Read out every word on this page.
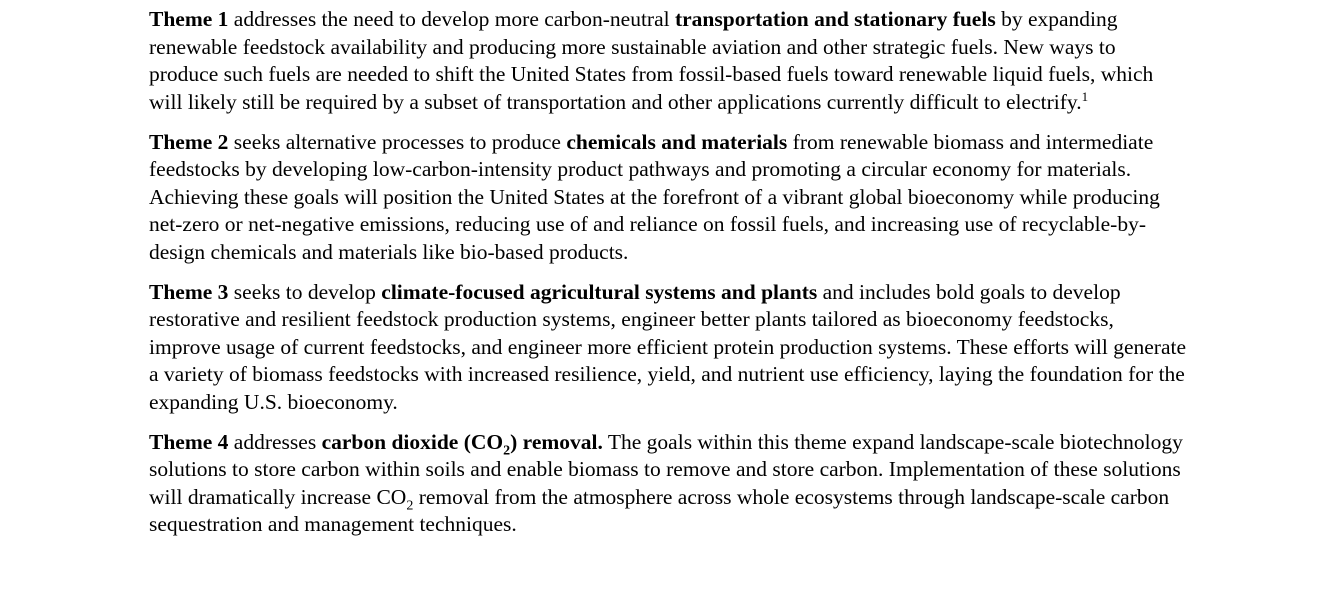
Theme 1 addresses the need to develop more carbon-neutral transportation and stationary fuels by expanding renewable feedstock availability and producing more sustainable aviation and other strategic fuels. New ways to produce such fuels are needed to shift the United States from fossil-based fuels toward renewable liquid fuels, which will likely still be required by a subset of transportation and other applications currently difficult to electrify.$^1$

Theme 2 seeks alternative processes to produce chemicals and materials from renewable biomass and intermediate feedstocks by developing low-carbon-intensity product pathways and promoting a circular economy for materials. Achieving these goals will position the United States at the forefront of a vibrant global bioeconomy while producing net-zero or net-negative emissions, reducing use of and reliance on fossil fuels, and increasing use of recyclable-by-design chemicals and materials like bio-based products.

Theme 3 seeks to develop climate-focused agricultural systems and plants and includes bold goals to develop restorative and resilient feedstock production systems, engineer better plants tailored as bioeconomy feedstocks, improve usage of current feedstocks, and engineer more efficient protein production systems. These efforts will generate a variety of biomass feedstocks with increased resilience, yield, and nutrient use efficiency, laying the foundation for the expanding U.S. bioeconomy.

Theme 4 addresses carbon dioxide $(CO_2)$ removal. The goals within this theme expand landscape-scale biotechnology solutions to store carbon within soils and enable biomass to remove and store carbon. Implementation of these solutions will dramatically increase $CO_2$ removal from the atmosphere across whole ecosystems through landscape-scale carbon sequestration and management techniques.
